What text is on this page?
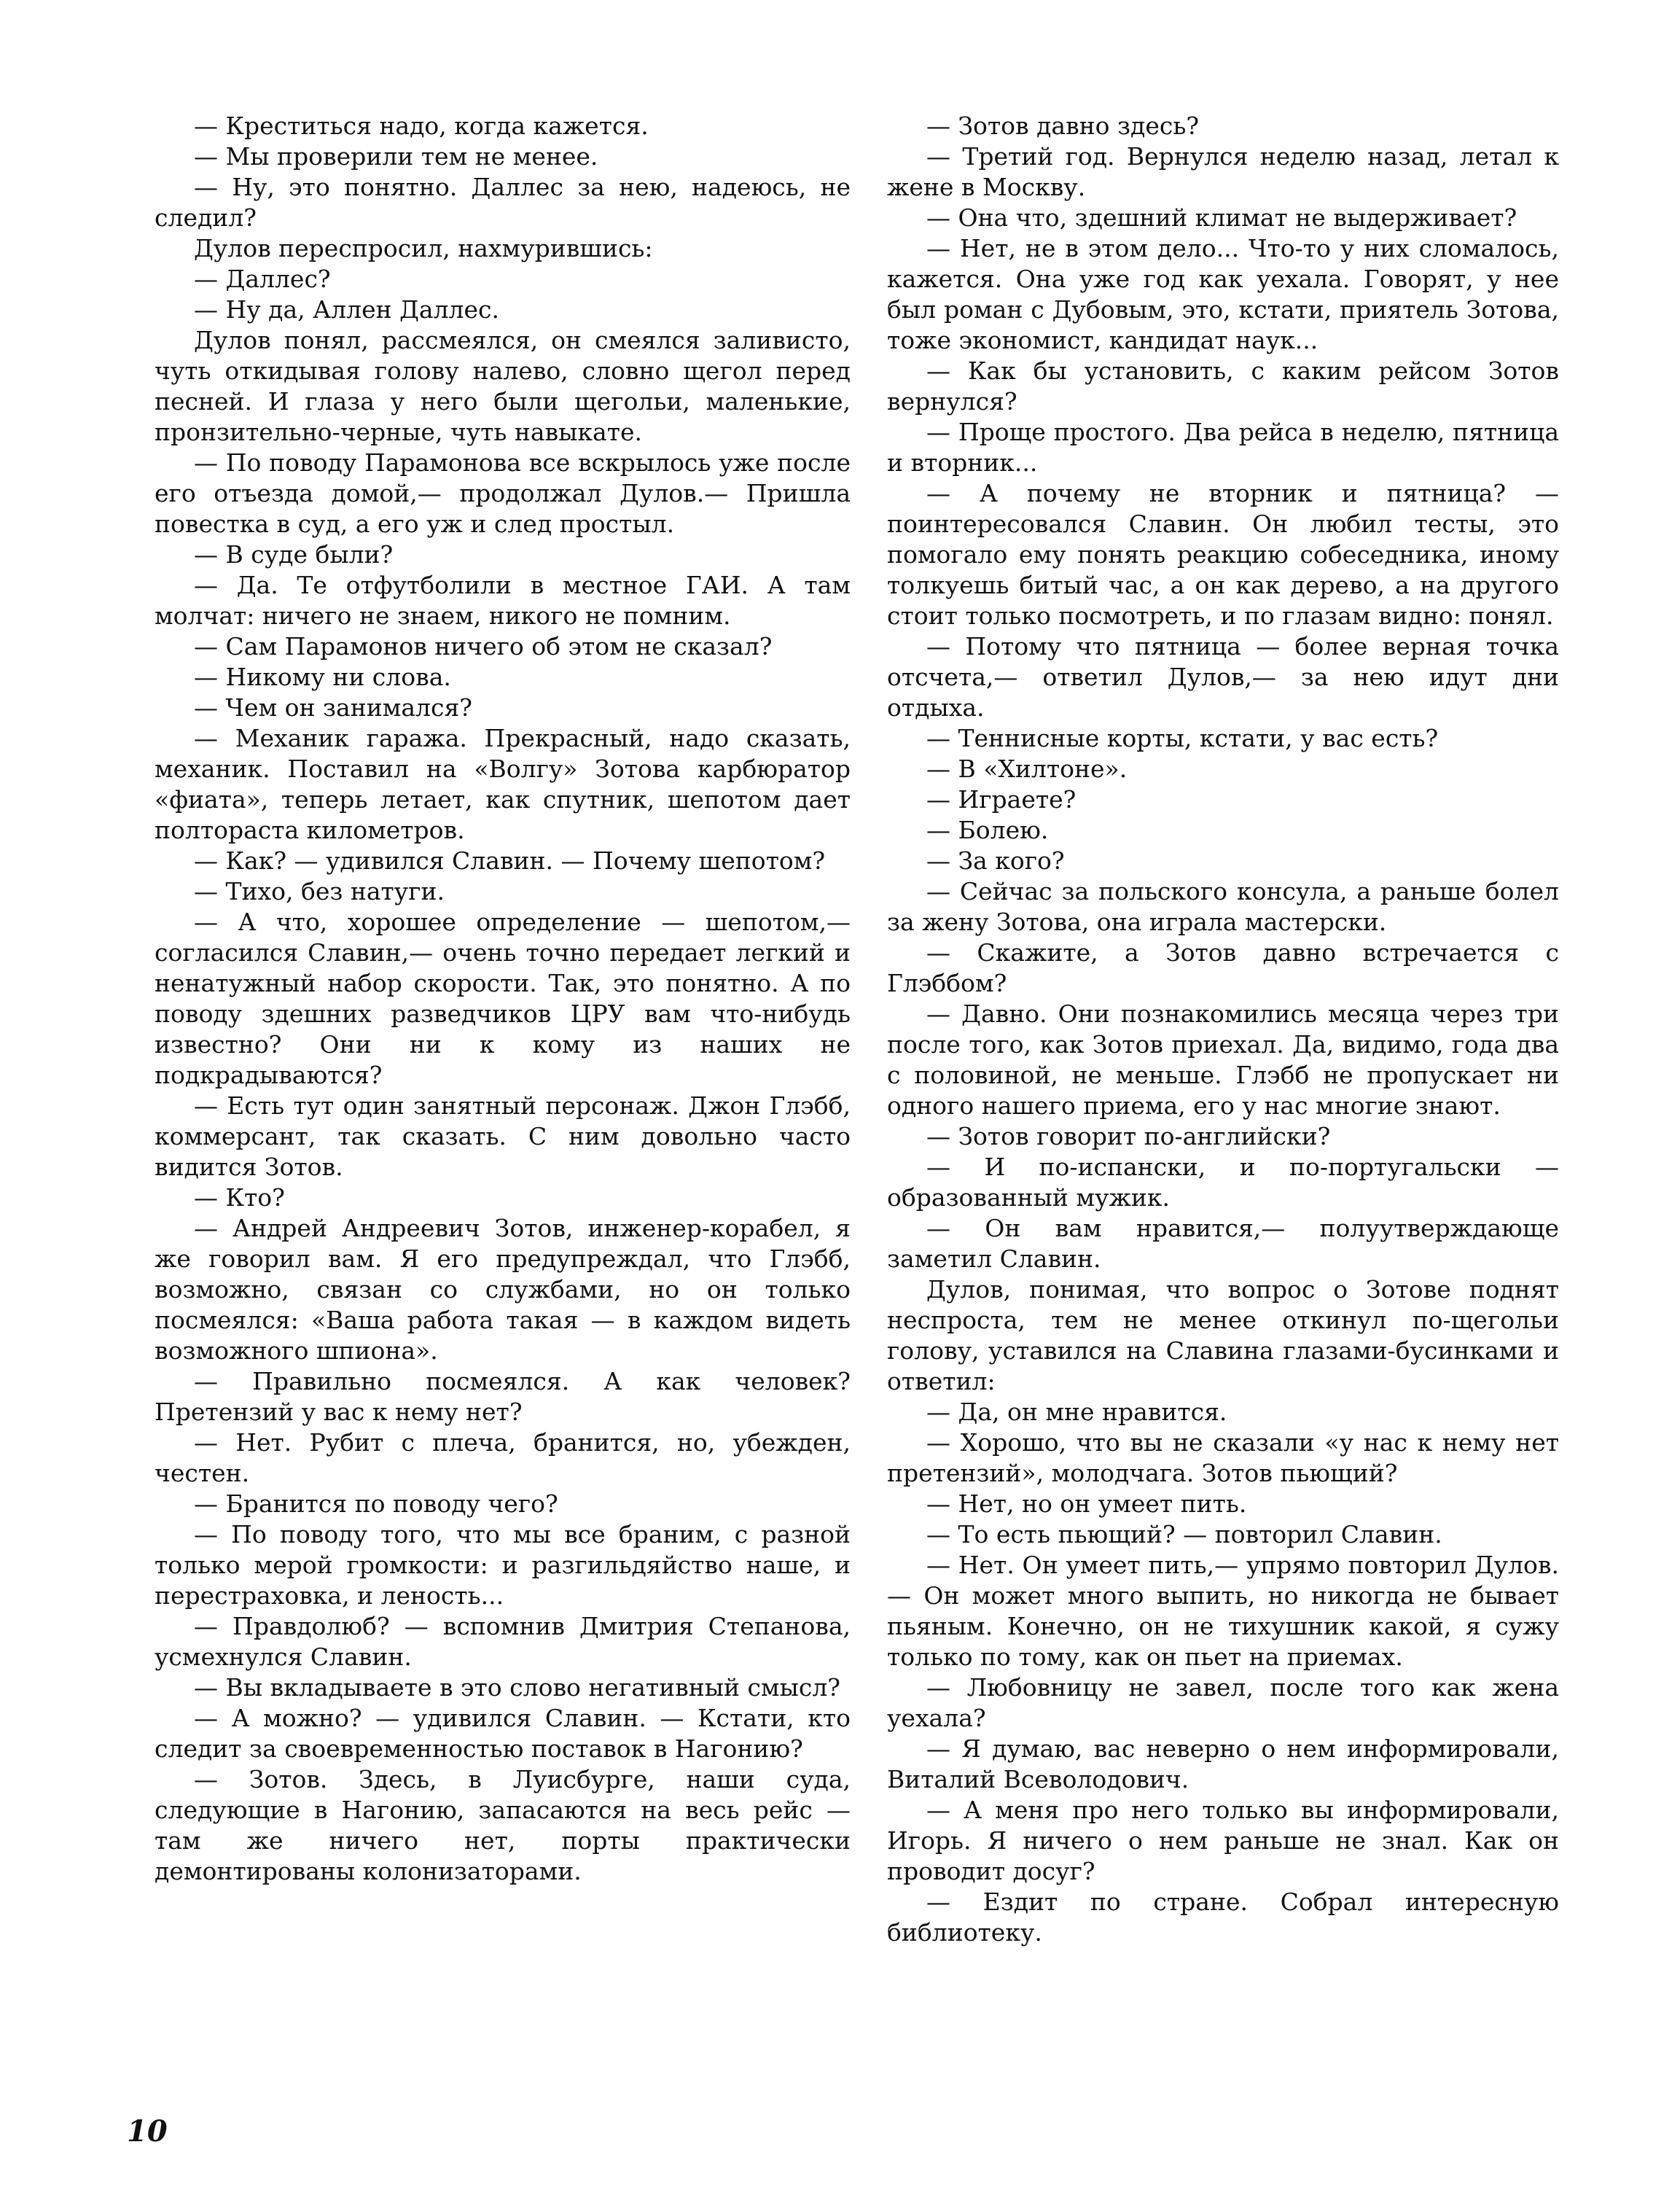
— Креститься надо, когда кажется.

— Мы проверили тем не менее.

— Ну, это понятно. Даллес за нею, надеюсь, не следил?

Дулов переспросил, нахмурившись:

— Даллес?

— Ну да, Аллен Даллес.

Дулов понял, рассмеялся, он смеялся заливисто, чуть откидывая голову налево, словно щегол перед песней. И глаза у него были щегольи, маленькие, пронзительно-черные, чуть навыкате.

— По поводу Парамонова все вскрылось уже после его отъезда домой,— продолжал Дулов.— Пришла повестка в суд, а его уж и след простыл.

— В суде были?

— Да. Те отфутболили в местное ГАИ. А там молчат: ничего не знаем, никого не помним.

— Сам Парамонов ничего об этом не сказал?

— Никому ни слова.

— Чем он занимался?

— Механик гаража. Прекрасный, надо сказать, механик. Поставил на «Волгу» Зотова карбюратор «фиата», теперь летает, как спутник, шепотом дает полтораста километров.

— Как? — удивился Славин. — Почему шепотом?

— Тихо, без натуги.

— А что, хорошее определение — шепотом,— согласился Славин,— очень точно передает легкий и ненатужный набор скорости. Так, это понятно. А по поводу здешних разведчиков ЦРУ вам что-нибудь известно? Они ни к кому из наших не подкрадываются?

— Есть тут один занятный персонаж. Джон Глэбб, коммерсант, так сказать. С ним довольно часто видится Зотов.

— Кто?

— Андрей Андреевич Зотов, инженер-корабел, я же говорил вам. Я его предупреждал, что Глэбб, возможно, связан со службами, но он только посмеялся: «Ваша работа такая — в каждом видеть возможного шпиона».

— Правильно посмеялся. А как человек? Претензий у вас к нему нет?

— Нет. Рубит с плеча, бранится, но, убежден, честен.

— Бранится по поводу чего?

— По поводу того, что мы все браним, с разной только мерой громкости: и разгильдяйство наше, и перестраховка, и леность...

— Правдолюб? — вспомнив Дмитрия Степанова, усмехнулся Славин.

— Вы вкладываете в это слово негативный смысл?

— А можно? — удивился Славин. — Кстати, кто следит за своевременностью поставок в Нагонию?

— Зотов. Здесь, в Луисбурге, наши суда, следующие в Нагонию, запасаются на весь рейс — там же ничего нет, порты практически демонтированы колонизаторами.

— Зотов давно здесь?

— Третий год. Вернулся неделю назад, летал к жене в Москву.

— Она что, здешний климат не выдерживает?

— Нет, не в этом дело... Что-то у них сломалось, кажется. Она уже год как уехала. Говорят, у нее был роман с Дубовым, это, кстати, приятель Зотова, тоже экономист, кандидат наук...

— Как бы установить, с каким рейсом Зотов вернулся?

— Проще простого. Два рейса в неделю, пятница и вторник...

— А почему не вторник и пятница? — поинтересовался Славин. Он любил тесты, это помогало ему понять реакцию собеседника, иному толкуешь битый час, а он как дерево, а на другого стоит только посмотреть, и по глазам видно: понял.

— Потому что пятница — более верная точка отсчета,— ответил Дулов,— за нею идут дни отдыха.

— Теннисные корты, кстати, у вас есть?

— В «Хилтоне».

— Играете?

— Болею.

— За кого?

— Сейчас за польского консула, а раньше болел за жену Зотова, она играла мастерски.

— Скажите, а Зотов давно встречается с Глэббом?

— Давно. Они познакомились месяца через три после того, как Зотов приехал. Да, видимо, года два с половиной, не меньше. Глэбб не пропускает ни одного нашего приема, его у нас многие знают.

— Зотов говорит по-английски?

— И по-испански, и по-португальски — образованный мужик.

— Он вам нравится,— полуутверждающе заметил Славин.

Дулов, понимая, что вопрос о Зотове поднят неспроста, тем не менее откинул по-щегольи голову, уставился на Славина глазами-бусинками и ответил:

— Да, он мне нравится.

— Хорошо, что вы не сказали «у нас к нему нет претензий», молодчага. Зотов пьющий?

— Нет, но он умеет пить.

— То есть пьющий? — повторил Славин.

— Нет. Он умеет пить,— упрямо повторил Дулов. — Он может много выпить, но никогда не бывает пьяным. Конечно, он не тихушник какой, я сужу только по тому, как он пьет на приемах.

— Любовницу не завел, после того как жена уехала?

— Я думаю, вас неверно о нем информировали, Виталий Всеволодович.

— А меня про него только вы информировали, Игорь. Я ничего о нем раньше не знал. Как он проводит досуг?

— Ездит по стране. Собрал интересную библиотеку.

10
